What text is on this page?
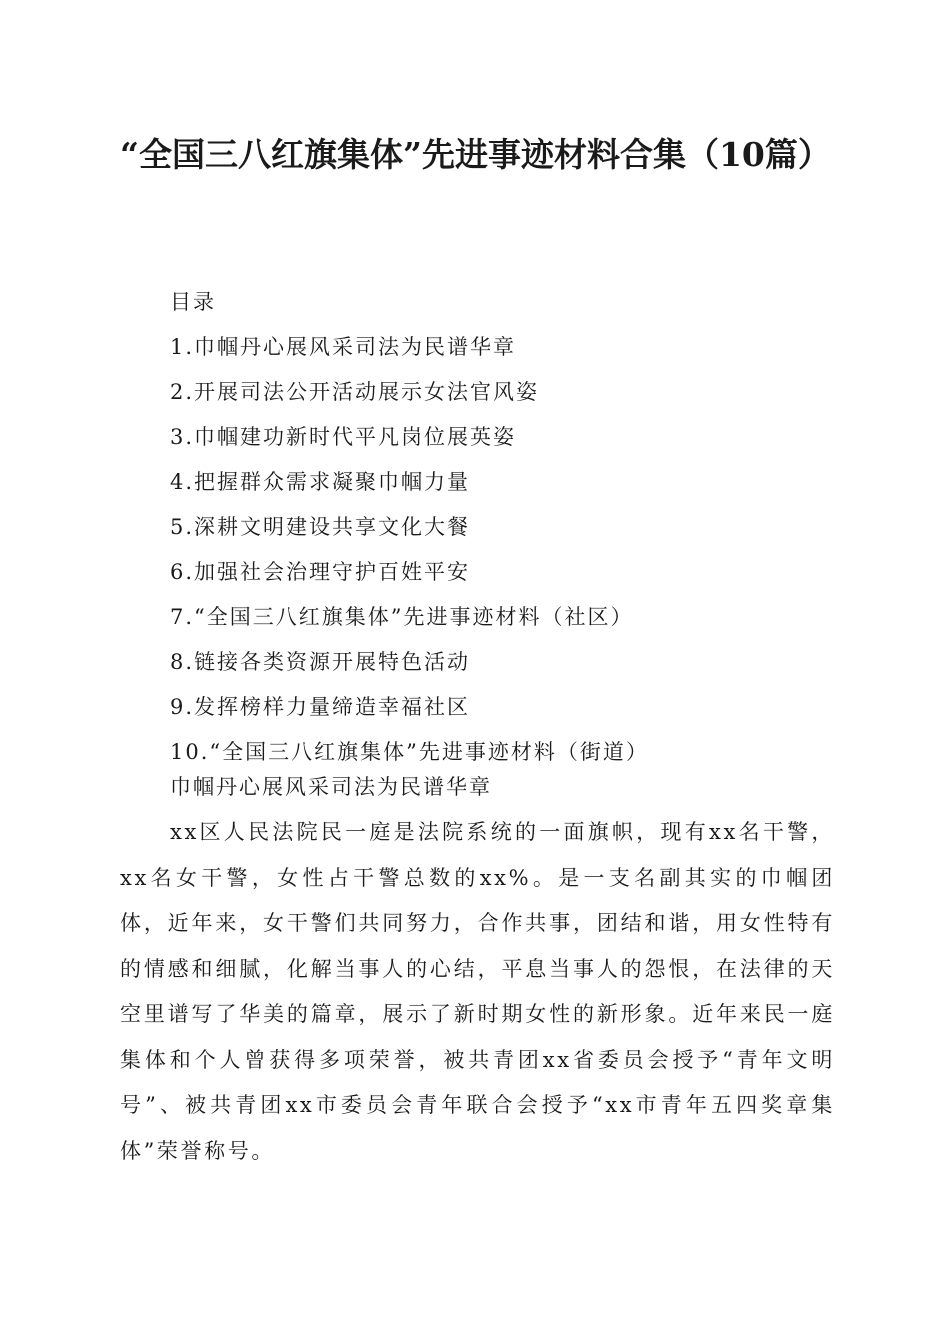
“全国三八红旗集体”先进事迹材料合集（10篇）
目录
1.巾帼丹心展风采司法为民谱华章
2.开展司法公开活动展示女法官风姿
3.巾帼建功新时代平凡岗位展英姿
4.把握群众需求凝聚巾帼力量
5.深耕文明建设共享文化大餐
6.加强社会治理守护百姓平安
7.“全国三八红旗集体”先进事迹材料（社区）
8.链接各类资源开展特色活动
9.发挥榜样力量缔造幸福社区
10.“全国三八红旗集体”先进事迹材料（街道）

巾帼丹心展风采司法为民谱华章

xx区人民法院民一庭是法院系统的一面旗帜，现有xx名干警，xx名女干警，女性占干警总数的xx%。是一支名副其实的巾帼团体，近年来，女干警们共同努力，合作共事，团结和谐，用女性特有的情感和细腻，化解当事人的心结，平息当事人的怨恨，在法律的天空里谱写了华美的篇章，展示了新时期女性的新形象。近年来民一庭集体和个人曾获得多项荣誉，被共青团xx省委员会授予“青年文明号”、被共青团xx市委员会青年联合会授予“xx市青年五四奖章集体”荣誉称号。
